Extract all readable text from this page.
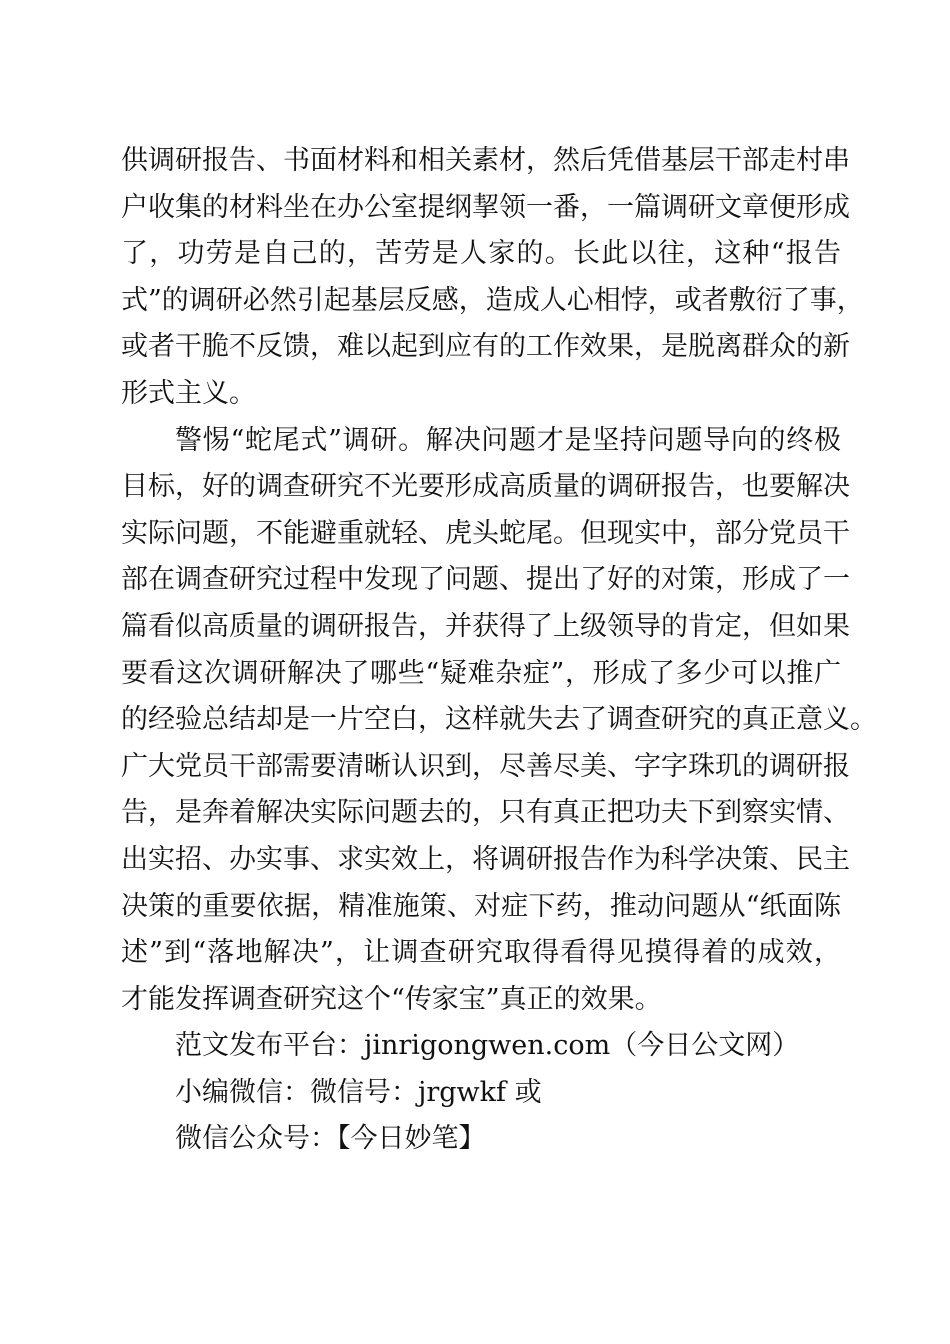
供调研报告、书面材料和相关素材，然后凭借基层干部走村串
户收集的材料坐在办公室提纲挈领一番，一篇调研文章便形成
了，功劳是自己的，苦劳是人家的。长此以往，这种“报告
式”的调研必然引起基层反感，造成人心相悖，或者敷衍了事，
或者干脆不反馈，难以起到应有的工作效果，是脱离群众的新
形式主义。
警惕“蛇尾式”调研。解决问题才是坚持问题导向的终极
目标，好的调查研究不光要形成高质量的调研报告，也要解决
实际问题，不能避重就轻、虎头蛇尾。但现实中，部分党员干
部在调查研究过程中发现了问题、提出了好的对策，形成了一
篇看似高质量的调研报告，并获得了上级领导的肯定，但如果
要看这次调研解决了哪些“疑难杂症”，形成了多少可以推广
的经验总结却是一片空白，这样就失去了调查研究的真正意义。
广大党员干部需要清晰认识到，尽善尽美、字字珠玑的调研报
告，是奔着解决实际问题去的，只有真正把功夫下到察实情、
出实招、办实事、求实效上，将调研报告作为科学决策、民主
决策的重要依据，精准施策、对症下药，推动问题从“纸面陈
述”到“落地解决”，让调查研究取得看得见摸得着的成效，
才能发挥调查研究这个“传家宝”真正的效果。
范文发布平台：jinrigongwen.com（今日公文网）
小编微信：微信号：jrgwkf 或
微信公众号：【今日妙笔】
